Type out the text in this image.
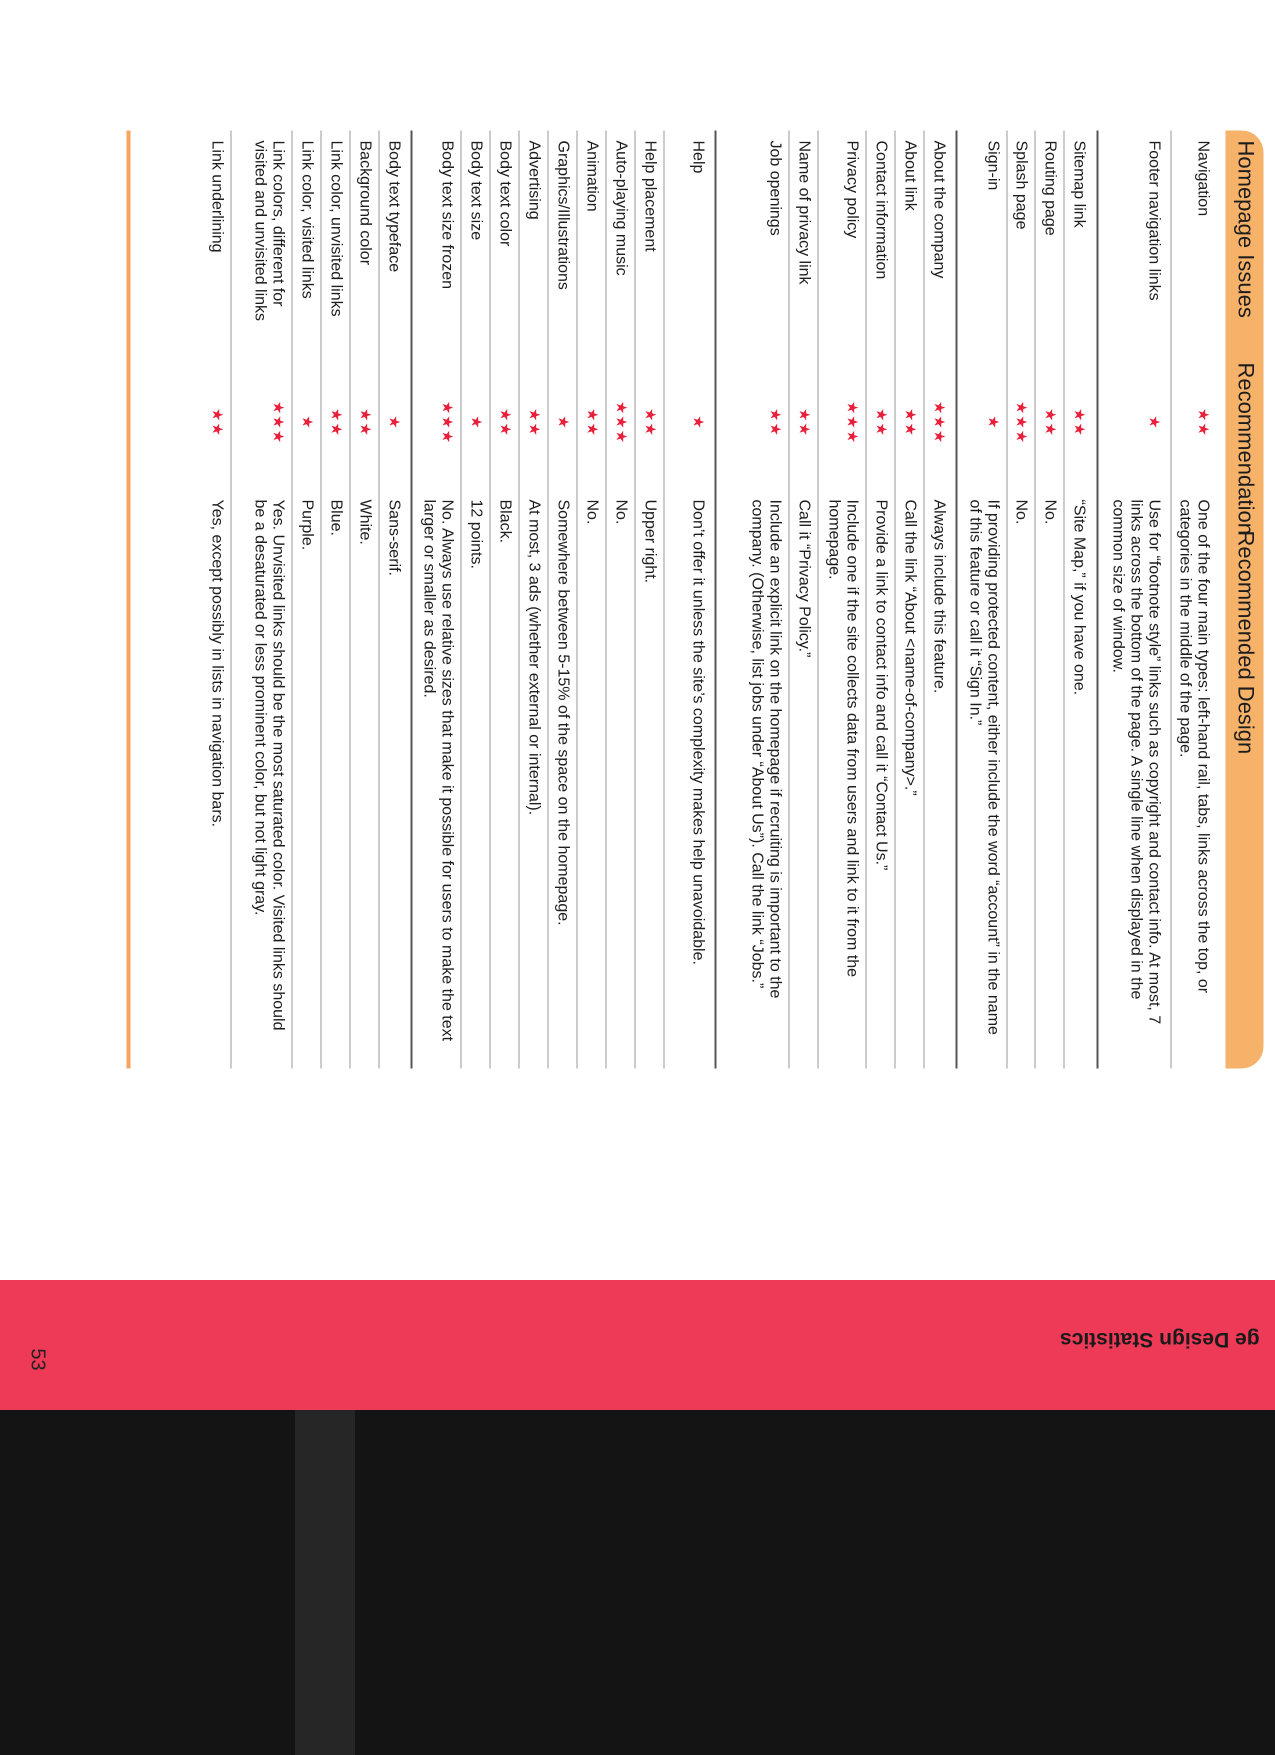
Homepage Issues
Recommendation
Recommended Design
Navigation
★★
One of the four main types: left-hand rail, tabs, links across the top, or categories in the middle of the page.
Footer navigation links
★
Use for “footnote style” links such as copyright and contact info. At most, 7 links across the bottom of the page. A single line when displayed in the common size of window.
Sitemap link
★★
“Site Map,” if you have one.
Routing page
★★
No.
Splash page
★★★
No.
Sign-in
★
If providing protected content, either include the word “account” in the name of this feature or call it “Sign In.”
About the company
★★★
Always include this feature.
About link
★★
Call the link “About <name-of-company>.”
Contact information
★★
Provide a link to contact info and call it “Contact Us.”
Privacy policy
★★★
Include one if the site collects data from users and link to it from the homepage.
Name of privacy link
★★
Call it “Privacy Policy.”
Job openings
★★
Include an explicit link on the homepage if recruiting is important to the company. (Otherwise, list jobs under “About Us”). Call the link “Jobs.”
Help
★
Don’t offer it unless the site’s complexity makes help unavoidable.
Help placement
★★
Upper right.
Auto-playing music
★★★
No.
Animation
★★
No.
Graphics/Illustrations
★
Somewhere between 5-15% of the space on the homepage.
Advertising
★★
At most, 3 ads (whether external or internal).
Body text color
★★
Black.
Body text size
★
12 points.
Body text size frozen
★★★
No. Always use relative sizes that make it possible for users to make the text larger or smaller as desired.
Body text typeface
★
Sans-serif.
Background color
★★
White.
Link color, unvisited links
★★
Blue.
Link color, visited links
★
Purple.
Link colors, different for visited and unvisited links
★★★
Yes. Unvisited links should be the most saturated color. Visited links should be a desaturated or less prominent color, but not light gray.
Link underlining
★★
Yes, except possibly in lists in navigation bars.
ge Design Statistics
53
